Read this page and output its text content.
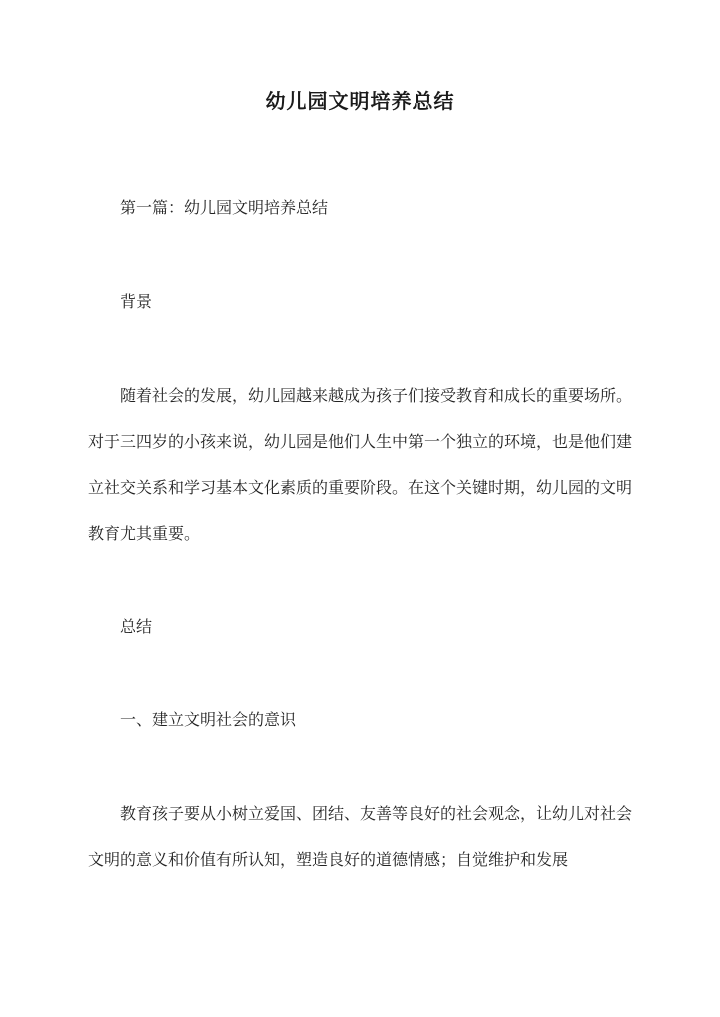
幼儿园文明培养总结
第一篇：幼儿园文明培养总结
背景
随着社会的发展，幼儿园越来越成为孩子们接受教育和成长的重要场所。对于三四岁的小孩来说，幼儿园是他们人生中第一个独立的环境，也是他们建立社交关系和学习基本文化素质的重要阶段。在这个关键时期，幼儿园的文明教育尤其重要。
总结
一、建立文明社会的意识
教育孩子要从小树立爱国、团结、友善等良好的社会观念，让幼儿对社会文明的意义和价值有所认知，塑造良好的道德情感；自觉维护和发展
